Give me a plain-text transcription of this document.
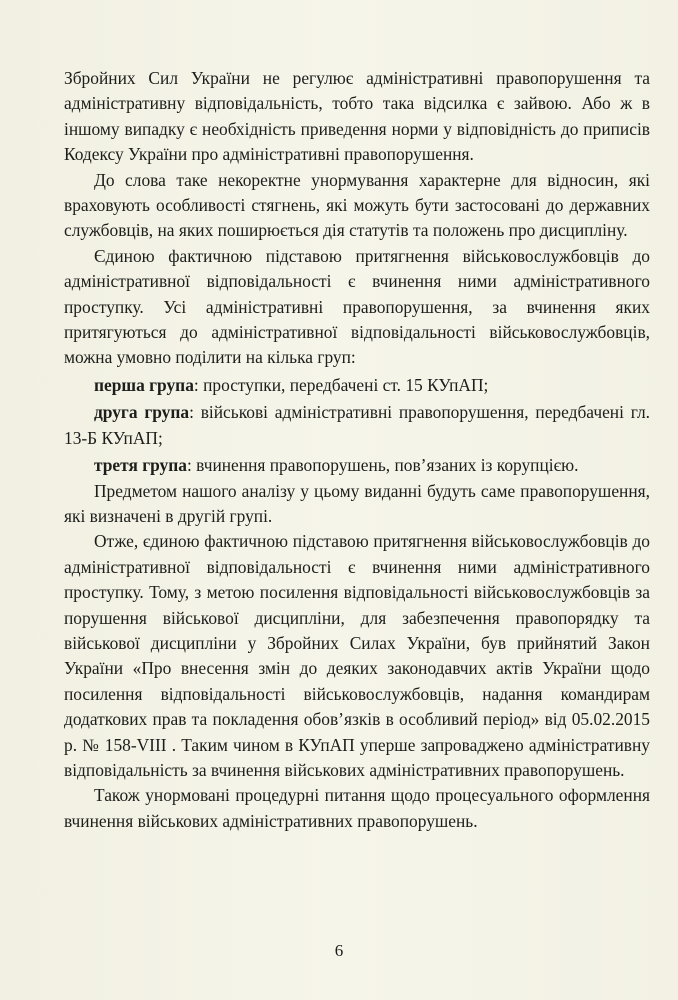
Збройних Сил України не регулює адміністративні правопорушення та адміністративну відповідальність, тобто така відсилка є зайвою. Або ж в іншому випадку є необхідність приведення норми у відповідність до приписів Кодексу України про адміністративні правопорушення.

До слова таке некоректне унормування характерне для відносин, які враховують особливості стягнень, які можуть бути застосовані до державних службовців, на яких поширюється дія статутів та положень про дисципліну.

Єдиною фактичною підставою притягнення військовослужбовців до адміністративної відповідальності є вчинення ними адміністративного проступку. Усі адміністративні правопорушення, за вчинення яких притягуються до адміністративної відповідальності військовослужбовців, можна умовно поділити на кілька груп:

перша група: проступки, передбачені ст. 15 КУпАП;

друга група: військові адміністративні правопорушення, передбачені гл. 13-Б КУпАП;

третя група: вчинення правопорушень, пов’язаних із корупцією.

Предметом нашого аналізу у цьому виданні будуть саме правопорушення, які визначені в другій групі.

Отже, єдиною фактичною підставою притягнення військовослужбовців до адміністративної відповідальності є вчинення ними адміністративного проступку. Тому, з метою посилення відповідальності військовослужбовців за порушення військової дисципліни, для забезпечення правопорядку та військової дисципліни у Збройних Силах України, був прийнятий Закон України «Про внесення змін до деяких законодавчих актів України щодо посилення відповідальності військовослужбовців, надання командирам додаткових прав та покладення обов’язків в особливий період» від 05.02.2015 р. № 158-VIII . Таким чином в КУпАП уперше запроваджено адміністративну відповідальність за вчинення військових адміністративних правопорушень.

Також унормовані процедурні питання щодо процесуального оформлення вчинення військових адміністративних правопорушень.

6
